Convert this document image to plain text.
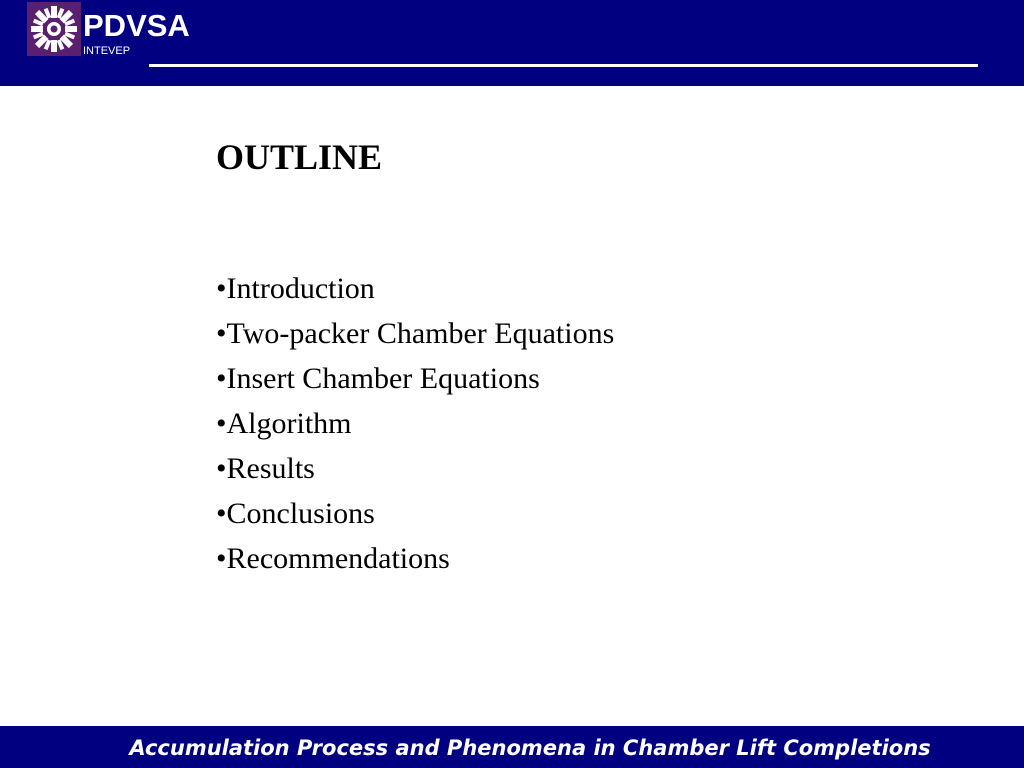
PDVSA
INTEVEP
OUTLINE
•Introduction
•Two-packer Chamber Equations
•Insert Chamber Equations
•Algorithm
•Results
•Conclusions
•Recommendations
Accumulation Process and Phenomena in Chamber Lift Completions
